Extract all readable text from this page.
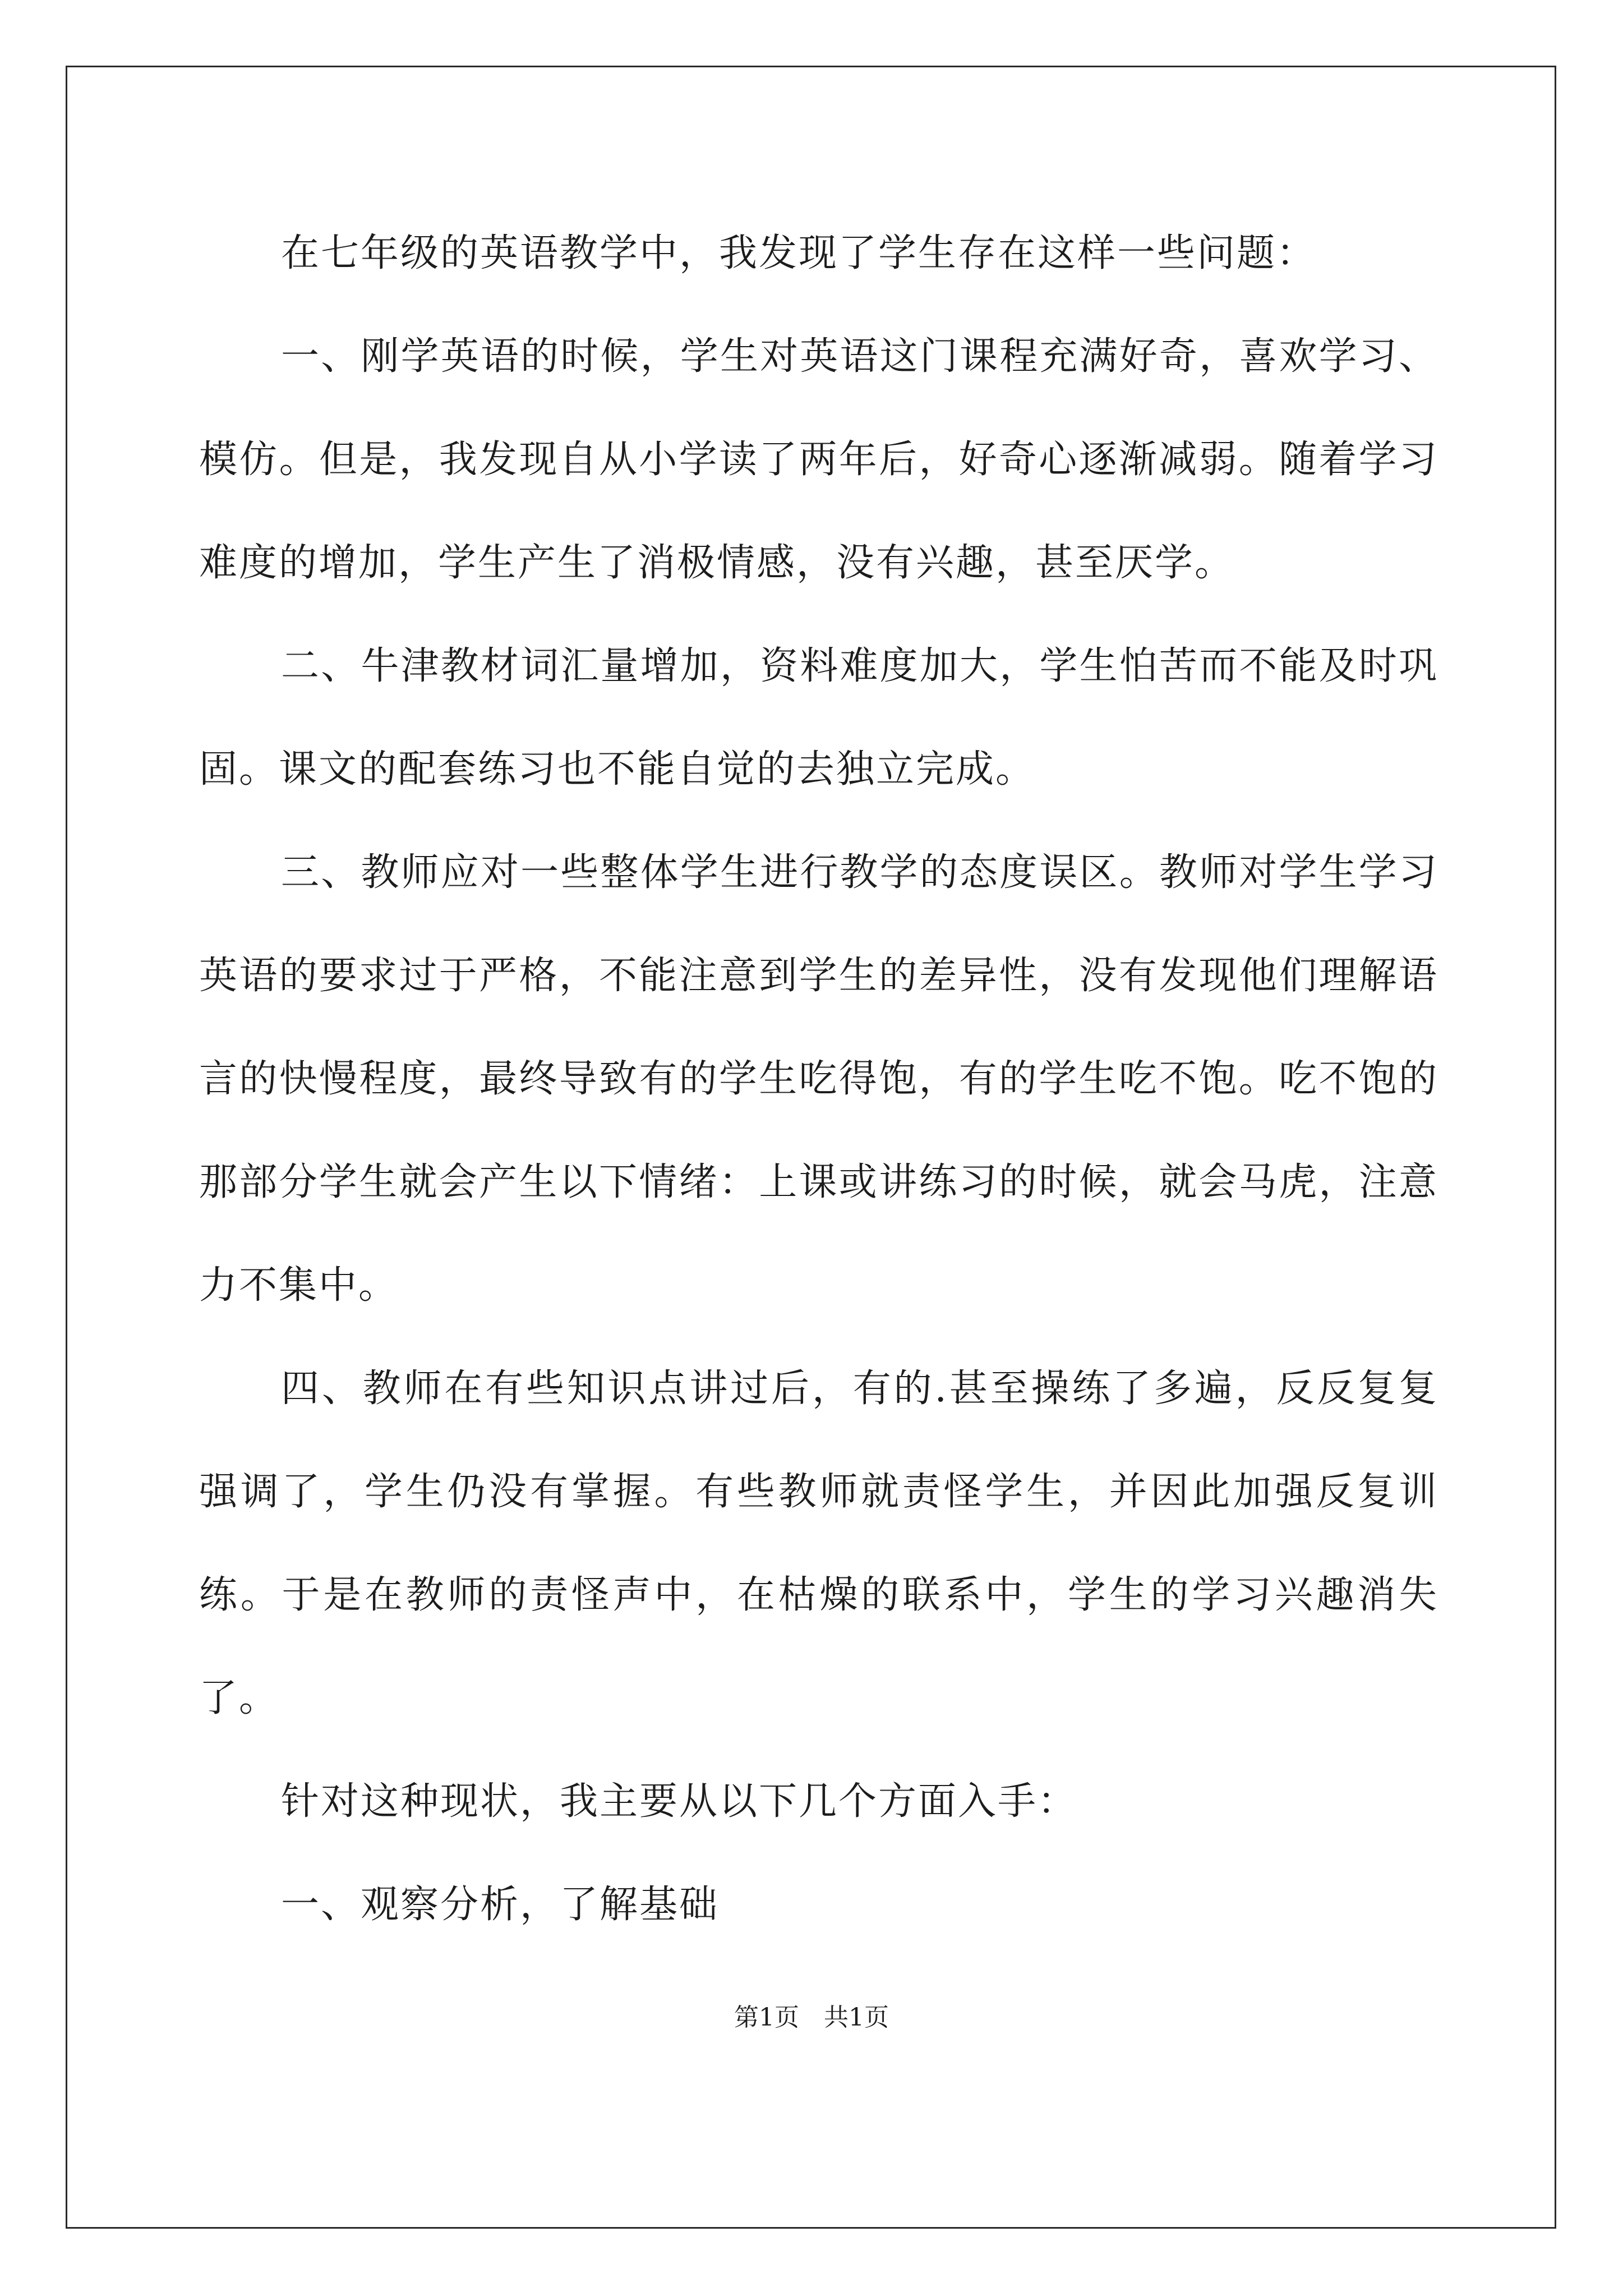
在七年级的英语教学中，我发现了学生存在这样一些问题：

一、刚学英语的时候，学生对英语这门课程充满好奇，喜欢学习、模仿。但是，我发现自从小学读了两年后，好奇心逐渐减弱。随着学习难度的增加，学生产生了消极情感，没有兴趣，甚至厌学。

二、牛津教材词汇量增加，资料难度加大，学生怕苦而不能及时巩固。课文的配套练习也不能自觉的去独立完成。

三、教师应对一些整体学生进行教学的态度误区。教师对学生学习英语的要求过于严格，不能注意到学生的差异性，没有发现他们理解语言的快慢程度，最终导致有的学生吃得饱，有的学生吃不饱。吃不饱的那部分学生就会产生以下情绪：上课或讲练习的时候，就会马虎，注意力不集中。

四、教师在有些知识点讲过后，有的.甚至操练了多遍，反反复复强调了，学生仍没有掌握。有些教师就责怪学生，并因此加强反复训练。于是在教师的责怪声中，在枯燥的联系中，学生的学习兴趣消失了。

针对这种现状，我主要从以下几个方面入手：

一、观察分析，了解基础

第1页　共1页
